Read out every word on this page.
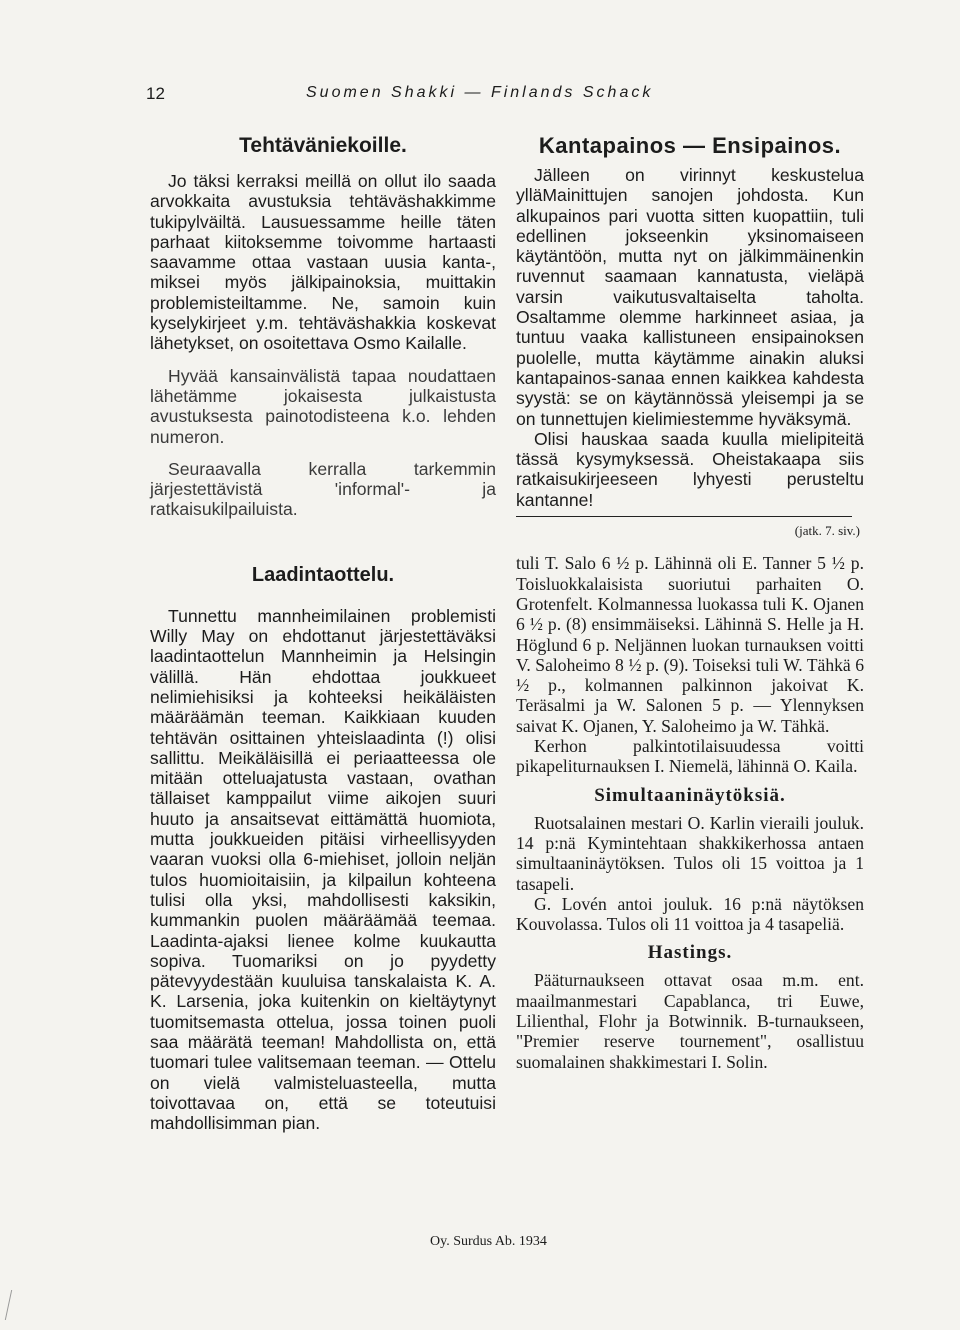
12	Suomen Shakki — Finlands Schack
Tehtäväniekoille.

Jo täksi kerraksi meillä on ollut ilo saada arvokkaita avustuksia tehtäväshakkimme tukipylväiltä. Lausuessamme heille täten parhaat kiitoksemme toivomme hartaasti saavamme ottaa vastaan uusia kanta-, miksei myös jälkipainoksia, muittakin problemisteiltamme. Ne, samoin kuin kyselykirjeet y.m. tehtäväshakkia koskevat lähetykset, on osoitettava Osmo Kailalle.

Hyvää kansainvälistä tapaa noudattaen lähetämme jokaisesta julkaistusta avustuksesta painotodisteena k.o. lehden numeron.

Seuraavalla kerralla tarkemmin järjestettävistä 'informal'- ja ratkaisukilpailuista.

Laadintaottelu.

Tunnettu mannheimilainen problemisti Willy May on ehdottanut järjestettäväksi laadintaottelun Mannheimin ja Helsingin välillä. Hän ehdottaa joukkueet nelimiehisiksi ja kohteeksi heikäläisten määräämän teeman. Kaikkiaan kuuden tehtävän osittainen yhteislaadinta (!) olisi sallittu. Meikäläisillä ei periaatteessa ole mitään otteluajatusta vastaan, ovathan tällaiset kamppailut viime aikojen suuri huuto ja ansaitsevat eittämättä huomiota, mutta joukkueiden pitäisi virheellisyyden vaaran vuoksi olla 6-miehiset, jolloin neljän tulos huomioitaisiin, ja kilpailun kohteena tulisi olla yksi, mahdollisesti kaksikin, kummankin puolen määräämää teemaa. Laadinta-ajaksi lienee kolme kuukautta sopiva. Tuomariksi on jo pyydetty pätevyydestään kuuluisa tanskalaista K. A. K. Larsenia, joka kuitenkin on kieltäytynyt tuomitsemasta ottelua, jossa toinen puoli saa määrätä teeman! Mahdollista on, että tuomari tulee valitsemaan teeman. — Ottelu on vielä valmisteluasteella, mutta toivottavaa on, että se toteutuisi mahdollisimman pian.

Kantapainos — Ensipainos.

Jälleen on virinnyt keskustelua ylläMainittujen sanojen johdosta. Kun alkupainos pari vuotta sitten kuopattiin, tuli edellinen jokseenkin yksinomaiseen käytäntöön, mutta nyt on jälkimmäinenkin ruvennut saamaan kannatusta, vieläpä varsin vaikutusvaltaiselta taholta. Osaltamme olemme harkinneet asiaa, ja tuntuu vaaka kallistuneen ensipainoksen puolelle, mutta käytämme ainakin aluksi kantapainos-sanaa ennen kaikkea kahdesta syystä: se on käytännössä yleisempi ja se on tunnettujen kielimiestemme hyväksymä.

Olisi hauskaa saada kuulla mielipiteitä tässä kysymyksessä. Oheistakaapa siis ratkaisukirjeeseen lyhyesti perusteltu kantanne!

(jatk. 7. siv.)

tuli T. Salo 6 ½ p. Lähinnä oli E. Tanner 5 ½ p. Toisluokkalaisista suoriutui parhaiten O. Grotenfelt. Kolmannessa luokassa tuli K. Ojanen 6 ½ p. (8) ensimmäiseksi. Lähinnä S. Helle ja H. Höglund 6 p. Neljännen luokan turnauksen voitti V. Saloheimo 8 ½ p. (9). Toiseksi tuli W. Tähkä 6 ½ p., kolmannen palkinnon jakoivat K. Teräsalmi ja W. Salonen 5 p. — Ylennyksen saivat K. Ojanen, Y. Saloheimo ja W. Tähkä.

Kerhon palkintotilaisuudessa voitti pikapeliturnauksen I. Niemelä, lähinnä O. Kaila.

Simultaaninäytöksiä.

Ruotsalainen mestari O. Karlin vieraili jouluk. 14 p:nä Kymintehtaan shakkikerhossa antaen simultaaninäytöksen. Tulos oli 15 voittoa ja 1 tasapeli.

G. Lovén antoi jouluk. 16 p:nä näytöksen Kouvolassa. Tulos oli 11 voittoa ja 4 tasapeliä.

Hastings.

Pääturnaukseen ottavat osaa m.m. ent. maailmanmestari Capablanca, tri Euwe, Lilienthal, Flohr ja Botwinnik. B-turnaukseen, "Premier reserve tournement", osallistuu suomalainen shakkimestari I. Solin.

Oy. Surdus Ab. 1934
